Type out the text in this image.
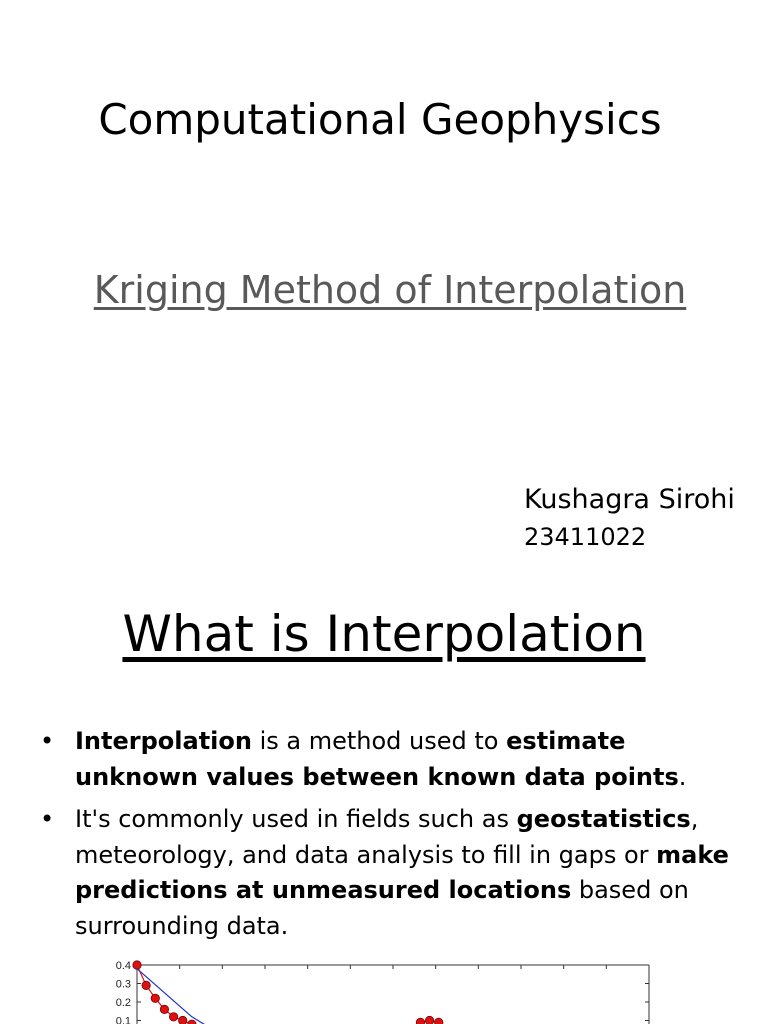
Computational Geophysics
Kriging Method of Interpolation
Kushagra Sirohi
23411022
What is Interpolation
• Interpolation is a method used to estimate unknown values between known data points.
• It's commonly used in fields such as geostatistics, meteorology, and data analysis to fill in gaps or make predictions at unmeasured locations based on surrounding data.
0.4
0.3
0.2
0.1
